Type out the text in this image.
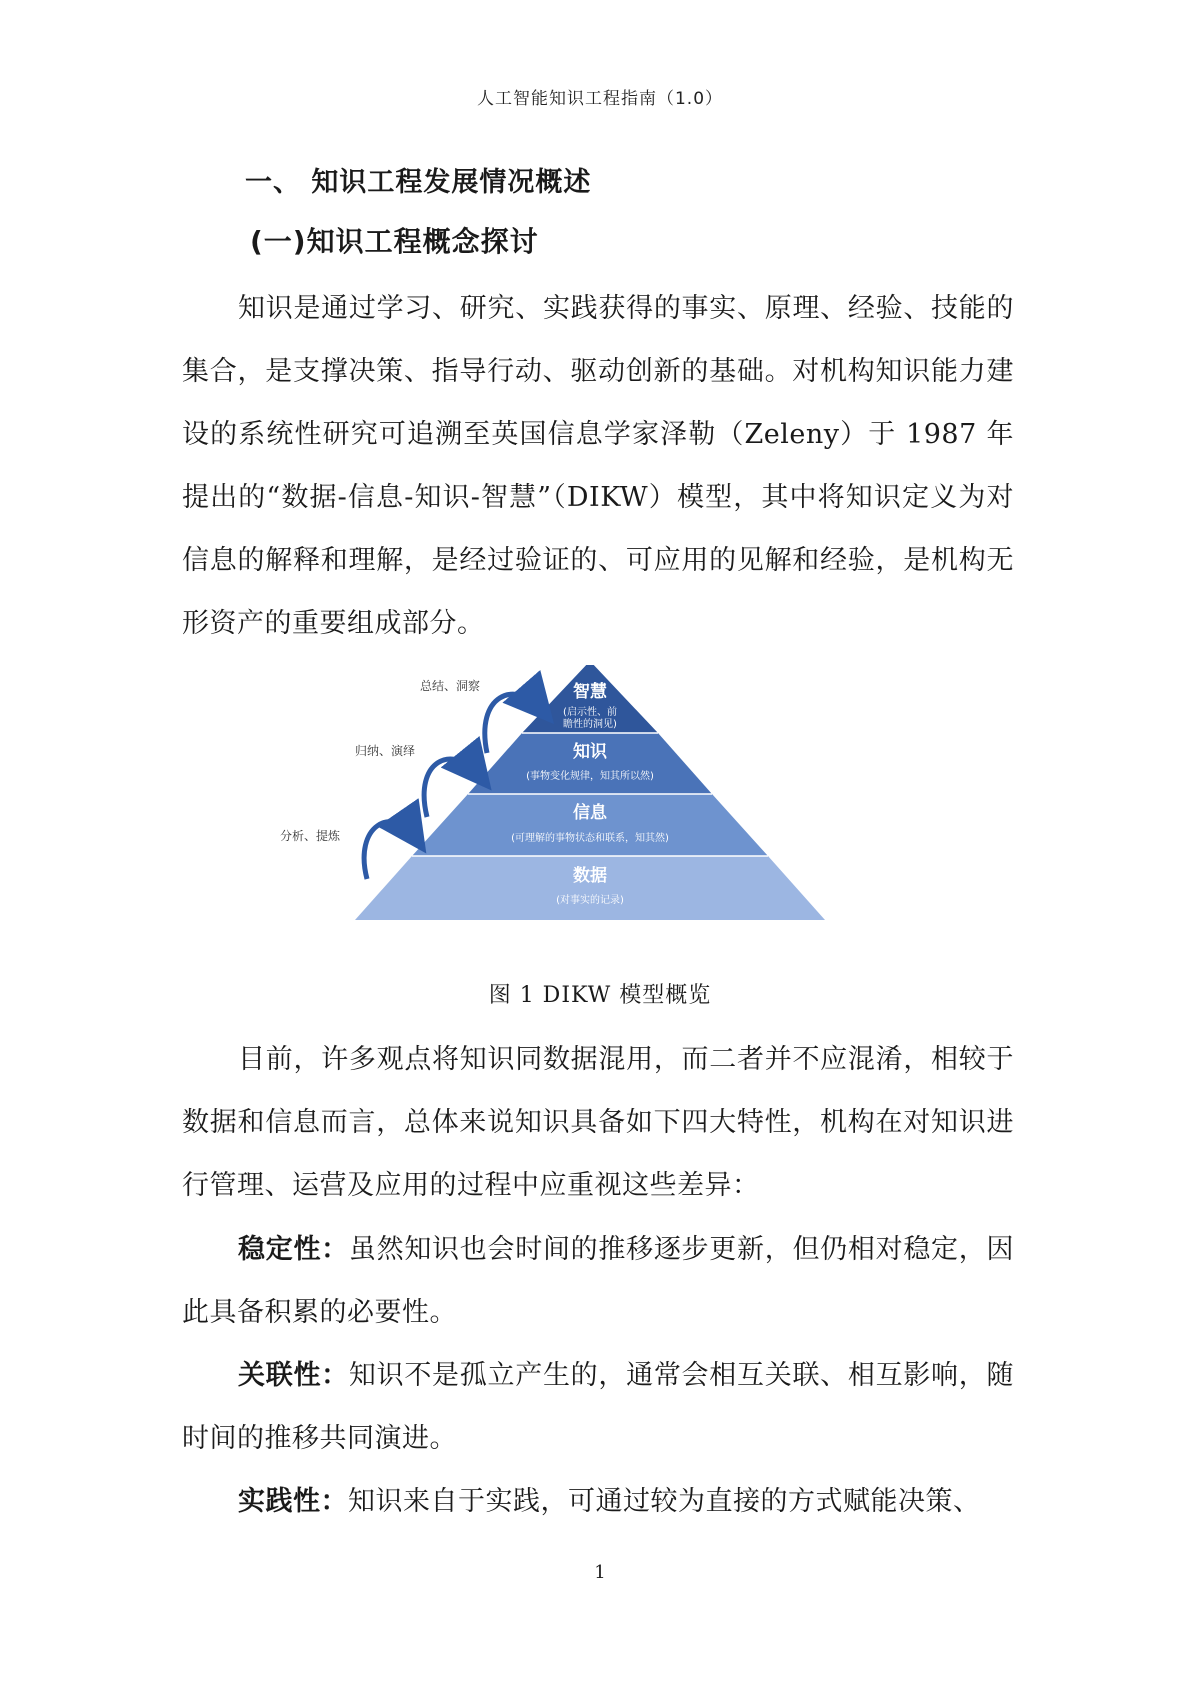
人工智能知识工程指南（1.0）
一、 知识工程发展情况概述
(一)知识工程概念探讨

知识是通过学习、研究、实践获得的事实、原理、经验、技能的集合，是支撑决策、指导行动、驱动创新的基础。对机构知识能力建设的系统性研究可追溯至英国信息学家泽勒（Zeleny）于 1987 年提出的“数据-信息-知识-智慧”（DIKW）模型，其中将知识定义为对信息的解释和理解，是经过验证的、可应用的见解和经验，是机构无形资产的重要组成部分。

智慧
(启示性、前
瞻性的洞见)
知识
(事物变化规律，知其所以然)
信息
(可理解的事物状态和联系，知其然)
数据
(对事实的记录)
分析、提炼
归纳、演绎
总结、洞察
图 1 DIKW 模型概览

目前，许多观点将知识同数据混用，而二者并不应混淆，相较于数据和信息而言，总体来说知识具备如下四大特性，机构在对知识进行管理、运营及应用的过程中应重视这些差异：

稳定性：虽然知识也会时间的推移逐步更新，但仍相对稳定，因此具备积累的必要性。

关联性：知识不是孤立产生的，通常会相互关联、相互影响，随时间的推移共同演进。

实践性：知识来自于实践，可通过较为直接的方式赋能决策、

1
